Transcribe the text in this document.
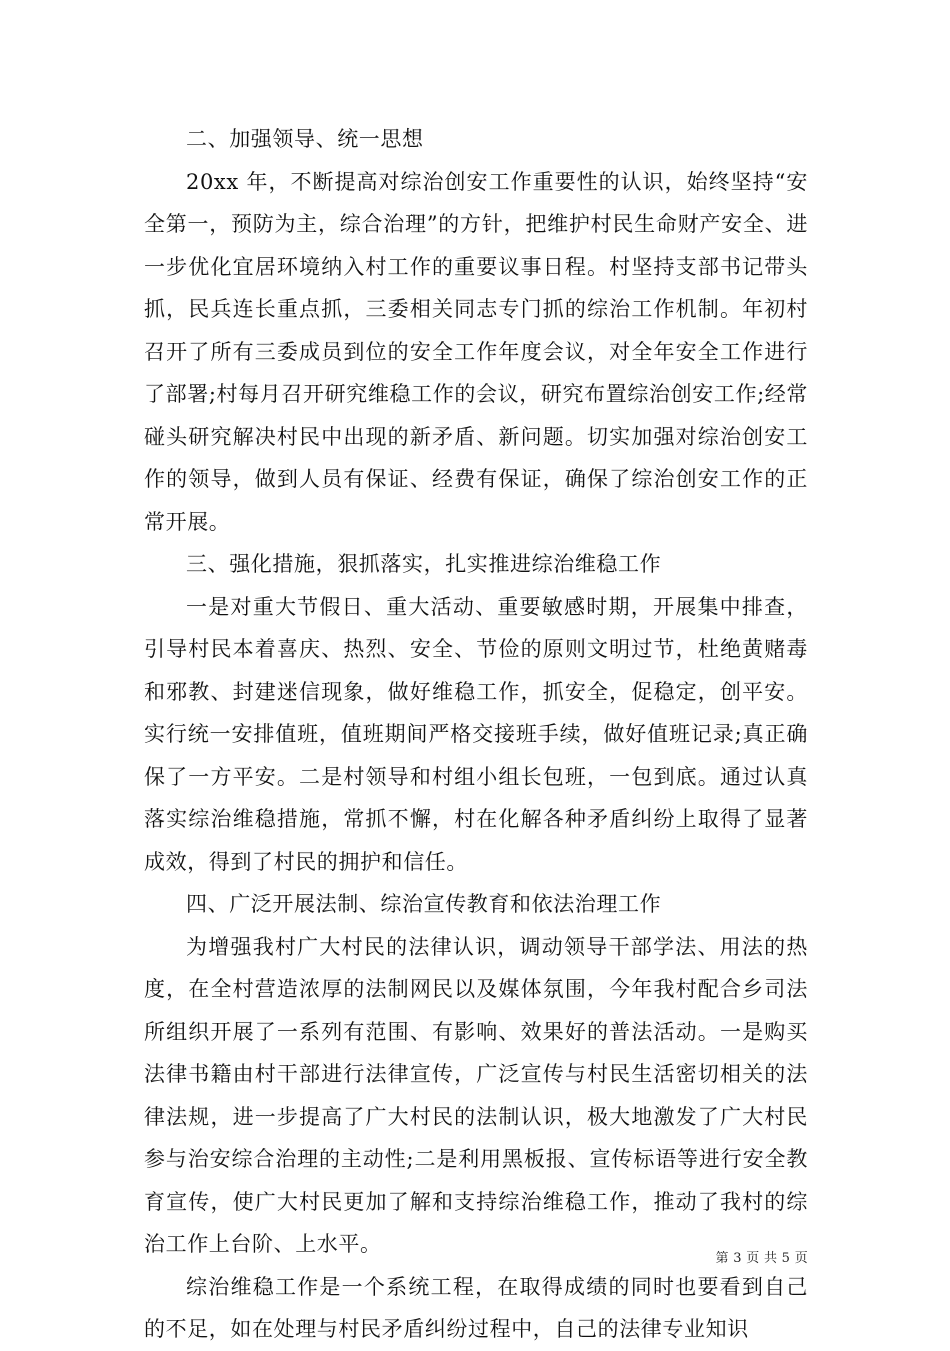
二、加强领导、统一思想

20xx 年，不断提高对综治创安工作重要性的认识，始终坚持“安全第一，预防为主，综合治理”的方针，把维护村民生命财产安全、进一步优化宜居环境纳入村工作的重要议事日程。村坚持支部书记带头抓，民兵连长重点抓，三委相关同志专门抓的综治工作机制。年初村召开了所有三委成员到位的安全工作年度会议，对全年安全工作进行了部署;村每月召开研究维稳工作的会议，研究布置综治创安工作;经常碰头研究解决村民中出现的新矛盾、新问题。切实加强对综治创安工作的领导，做到人员有保证、经费有保证，确保了综治创安工作的正常开展。

三、强化措施，狠抓落实，扎实推进综治维稳工作

一是对重大节假日、重大活动、重要敏感时期，开展集中排查，引导村民本着喜庆、热烈、安全、节俭的原则文明过节，杜绝黄赌毒和邪教、封建迷信现象，做好维稳工作，抓安全，促稳定，创平安。实行统一安排值班，值班期间严格交接班手续，做好值班记录;真正确保了一方平安。二是村领导和村组小组长包班，一包到底。通过认真落实综治维稳措施，常抓不懈，村在化解各种矛盾纠纷上取得了显著成效，得到了村民的拥护和信任。

四、广泛开展法制、综治宣传教育和依法治理工作

为增强我村广大村民的法律认识，调动领导干部学法、用法的热度，在全村营造浓厚的法制网民以及媒体氛围，今年我村配合乡司法所组织开展了一系列有范围、有影响、效果好的普法活动。一是购买法律书籍由村干部进行法律宣传，广泛宣传与村民生活密切相关的法律法规，进一步提高了广大村民的法制认识，极大地激发了广大村民参与治安综合治理的主动性;二是利用黑板报、宣传标语等进行安全教育宣传，使广大村民更加了解和支持综治维稳工作，推动了我村的综治工作上台阶、上水平。

综治维稳工作是一个系统工程，在取得成绩的同时也要看到自己的不足，如在处理与村民矛盾纠纷过程中，自己的法律专业知识

第 3 页 共 5 页
